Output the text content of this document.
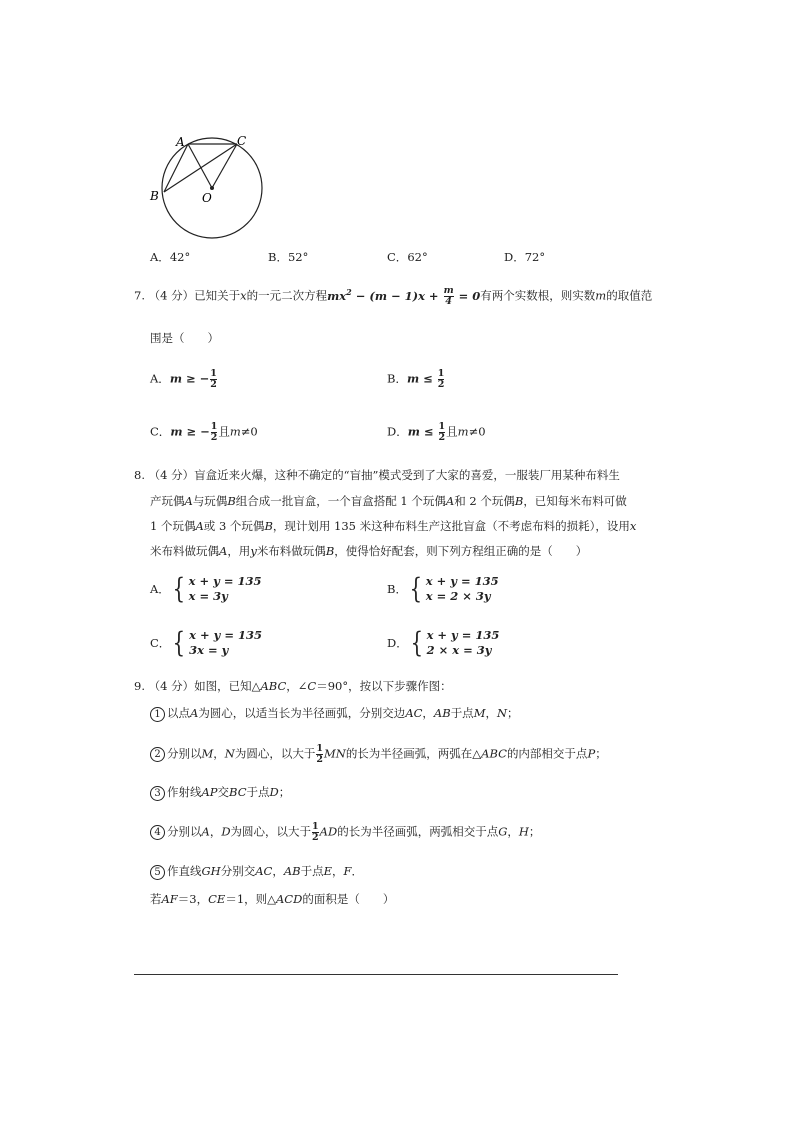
A	C
B	O
A．42°	B．52°	C．62°	D．72°
7. （4 分）已知关于x的一元二次方程$mx^2 - (m - 1)x + \frac{m}{4} = 0$有两个实数根，则实数m的取值范
围是（　　）
A．m ≥ − $\frac{1}{2}$	B．$m \le \frac{1}{2}$
C．m ≥ − $\frac{1}{2}$ 且m≠0	D．$m \le \frac{1}{2}$ 且m≠0
8. （4 分）盲盒近来火爆，这种不确定的“盲抽”模式受到了大家的喜爱，一服装厂用某种布料生
产玩偶A与玩偶B组合成一批盲盒，一个盲盒搭配 1 个玩偶A和 2 个玩偶B，已知每米布料可做
1 个玩偶A或 3 个玩偶B，现计划用 135 米这种布料生产这批盲盒（不考虑布料的损耗），设用x
米布料做玩偶A，用y米布料做玩偶B，使得恰好配套，则下列方程组正确的是（　　）
A． { x + y = 135
x = 3y	B． { x + y = 135
x = 2 × 3y
C． { x + y = 135
3x = y	D． { x + y = 135
2 × x = 3y
9. （4 分）如图，已知△ABC，∠C＝90°，按以下步骤作图：
1 以点A为圆心，以适当长为半径画弧，分别交边AC，AB于点M，N；
2 分别以M，N为圆心，以大于 $\frac{1}{2}$ MN的长为半径画弧，两弧在△ABC的内部相交于点P；
3 作射线AP交BC于点D；
4 分别以A，D为圆心，以大于 $\frac{1}{2}$ AD的长为半径画弧，两弧相交于点G，H；
5 作直线GH分别交AC，AB于点E，F．
若AF＝3，CE＝1，则△ACD的面积是（　　）
